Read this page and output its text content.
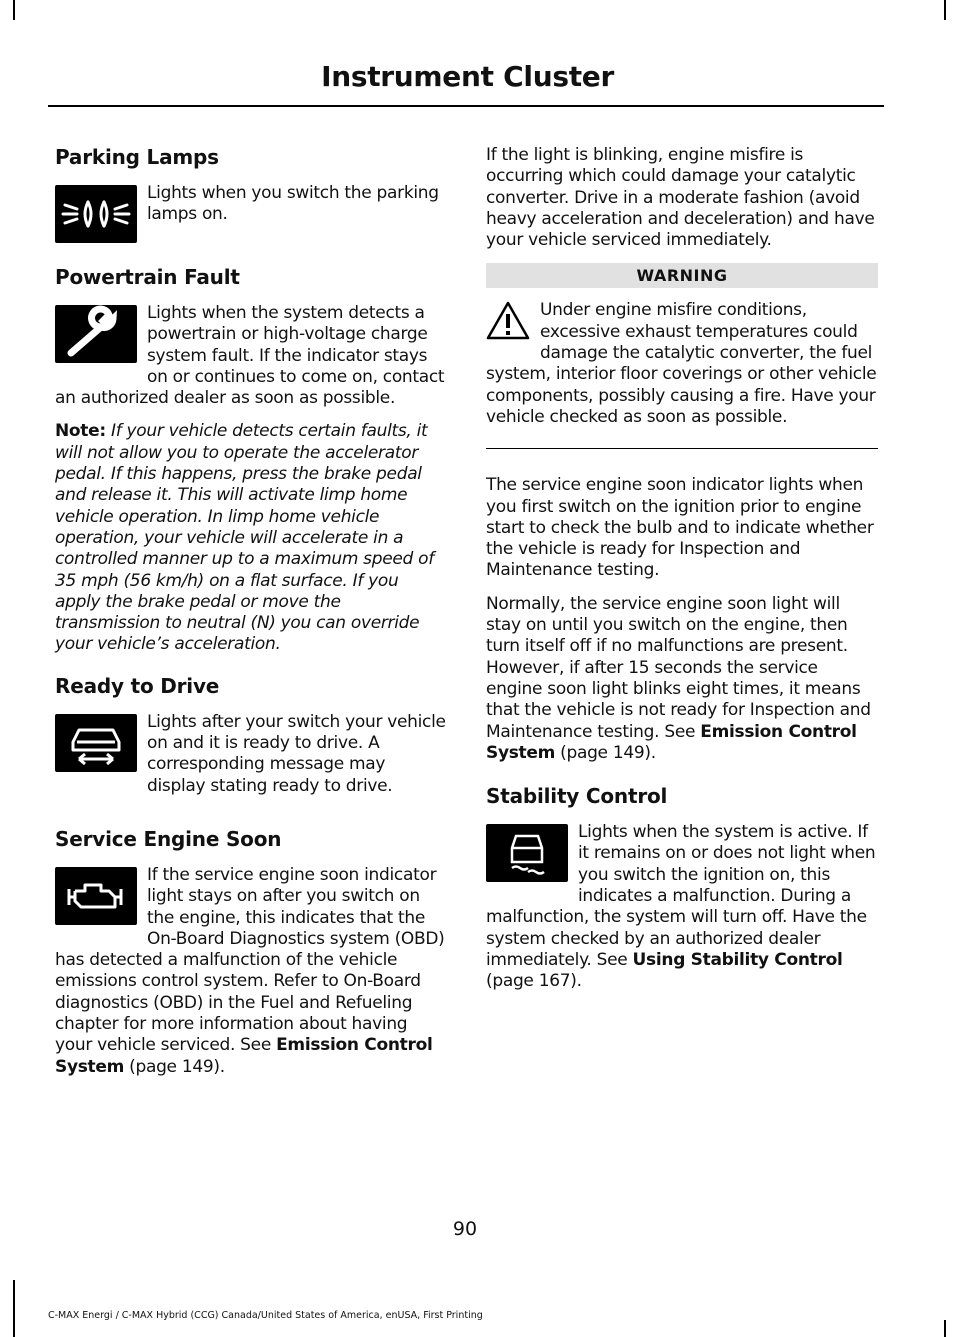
Instrument Cluster
Parking Lamps

Lights when you switch the parking lamps on.

Powertrain Fault

Lights when the system detects a powertrain or high-voltage charge system fault. If the indicator stays on or continues to come on, contact an authorized dealer as soon as possible.

Note: If your vehicle detects certain faults, it will not allow you to operate the accelerator pedal. If this happens, press the brake pedal and release it. This will activate limp home vehicle operation. In limp home vehicle operation, your vehicle will accelerate in a controlled manner up to a maximum speed of 35 mph (56 km/h) on a flat surface. If you apply the brake pedal or move the transmission to neutral (N) you can override your vehicle’s acceleration.

Ready to Drive

Lights after your switch your vehicle on and it is ready to drive. A corresponding message may display stating ready to drive.

Service Engine Soon

If the service engine soon indicator light stays on after you switch on the engine, this indicates that the On-Board Diagnostics system (OBD) has detected a malfunction of the vehicle emissions control system. Refer to On-Board diagnostics (OBD) in the Fuel and Refueling chapter for more information about having your vehicle serviced. See Emission Control System (page 149).

If the light is blinking, engine misfire is occurring which could damage your catalytic converter. Drive in a moderate fashion (avoid heavy acceleration and deceleration) and have your vehicle serviced immediately.

WARNING

Under engine misfire conditions, excessive exhaust temperatures could damage the catalytic converter, the fuel system, interior floor coverings or other vehicle components, possibly causing a fire. Have your vehicle checked as soon as possible.

The service engine soon indicator lights when you first switch on the ignition prior to engine start to check the bulb and to indicate whether the vehicle is ready for Inspection and Maintenance testing.

Normally, the service engine soon light will stay on until you switch on the engine, then turn itself off if no malfunctions are present. However, if after 15 seconds the service engine soon light blinks eight times, it means that the vehicle is not ready for Inspection and Maintenance testing. See Emission Control System (page 149).

Stability Control

Lights when the system is active. If it remains on or does not light when you switch the ignition on, this indicates a malfunction. During a malfunction, the system will turn off. Have the system checked by an authorized dealer immediately. See Using Stability Control (page 167).

90
C-MAX Energi / C-MAX Hybrid (CCG) Canada/United States of America, enUSA, First Printing
